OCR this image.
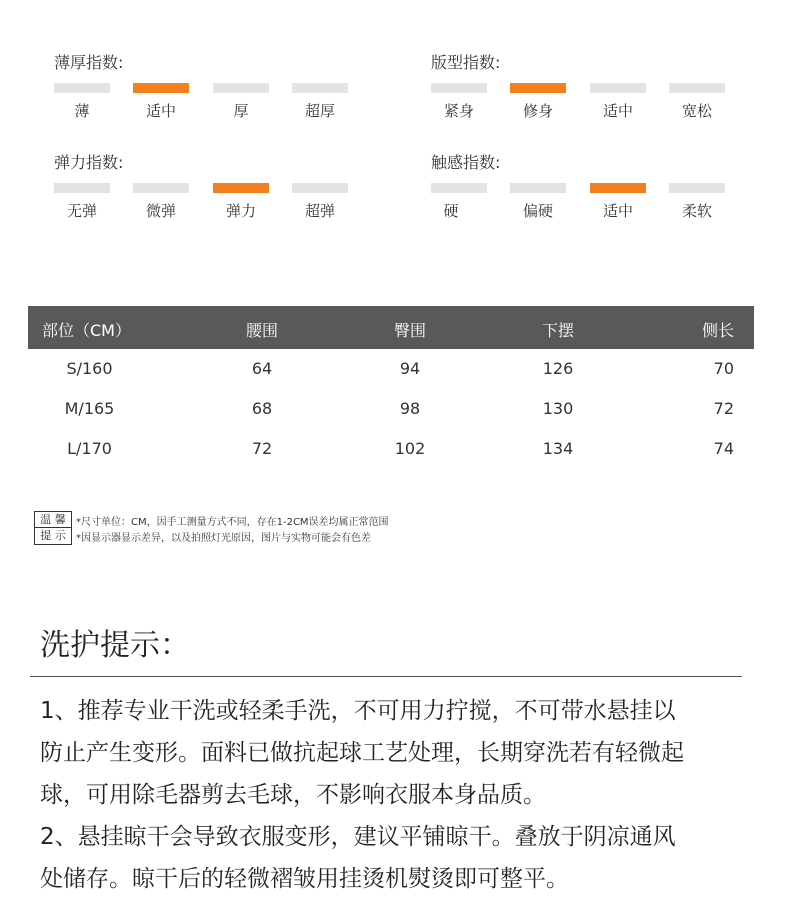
薄厚指数:
薄	适中	厚	超厚
版型指数:
紧身	修身	适中	宽松
弹力指数:
无弹	微弹	弹力	超弹
触感指数:
硬	偏硬	适中	柔软
部位（CM）	腰围	臀围	下摆	侧长
S/160	64	94	126	70
M/165	68	98	130	72
L/170	72	102	134	74
温 馨
提 示
*尺寸单位：CM，因手工测量方式不同，存在1-2CM误差均属正常范围
*因显示器显示差异，以及拍照灯光原因，图片与实物可能会有色差
洗护提示：

1、推荐专业干洗或轻柔手洗，不可用力拧搅，不可带水悬挂以

防止产生变形。面料已做抗起球工艺处理，长期穿洗若有轻微起

球，可用除毛器剪去毛球，不影响衣服本身品质。

2、悬挂晾干会导致衣服变形，建议平铺晾干。叠放于阴凉通风

处储存。晾干后的轻微褶皱用挂烫机熨烫即可整平。
